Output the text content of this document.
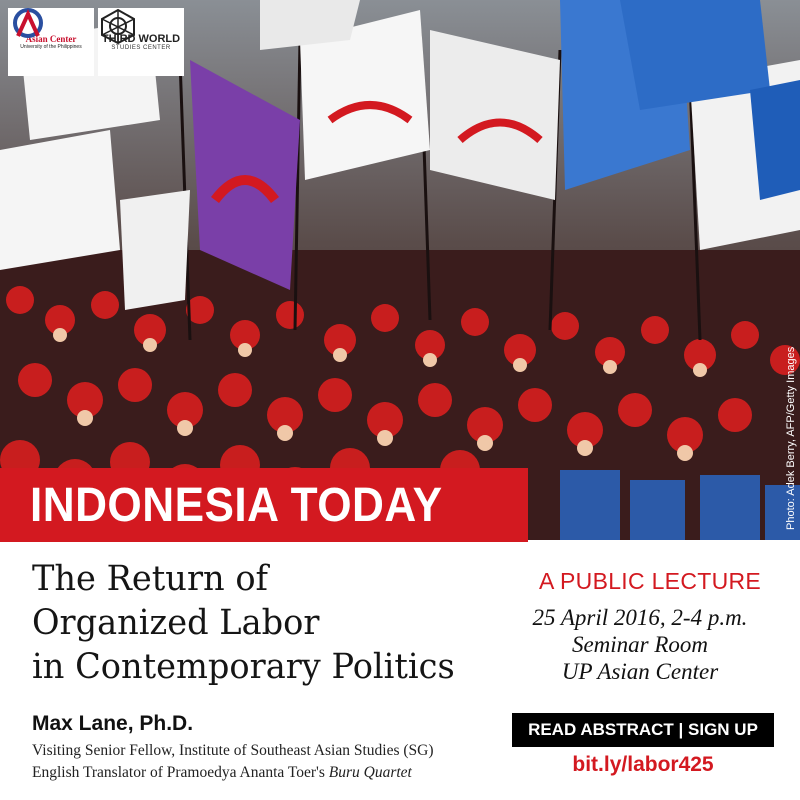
Asian Center
University of the Philippines
THIRD WORLD
STUDIES CENTER
Photo: Adek Berry, AFP/Getty Images
INDONESIA TODAY
The Return of
Organized Labor
in Contemporary Politics
Max Lane, Ph.D.
Visiting Senior Fellow, Institute of Southeast Asian Studies (SG)
English Translator of Pramoedya Ananta Toer's Buru Quartet
A PUBLIC LECTURE
25 April 2016, 2-4 p.m.
Seminar Room
UP Asian Center
READ ABSTRACT | SIGN UP
bit.ly/labor425
